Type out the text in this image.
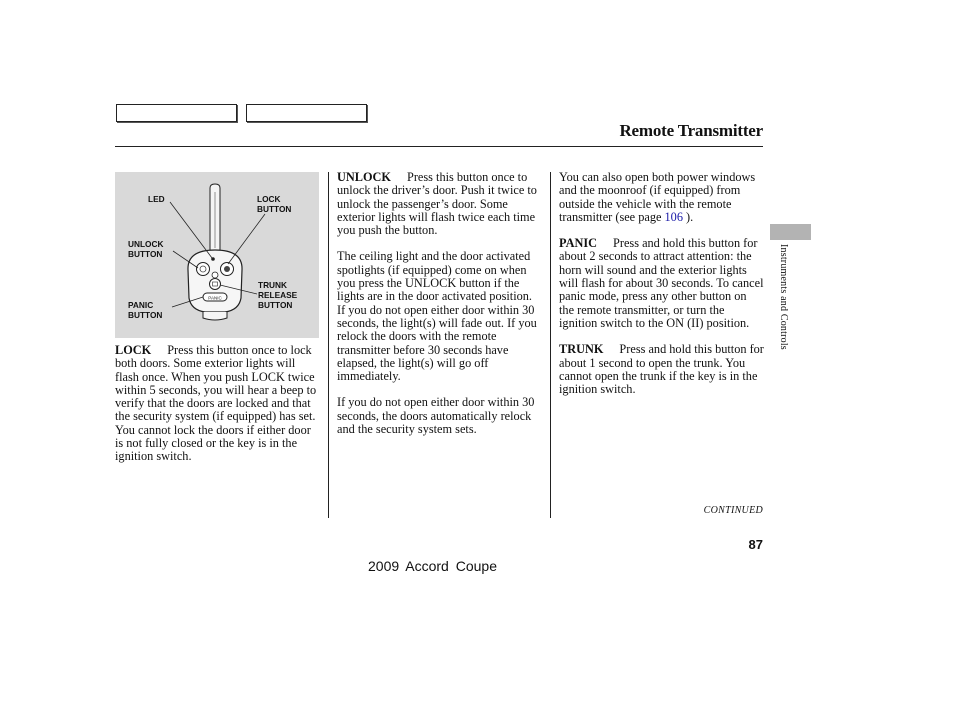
Remote Transmitter
Instruments and Controls
PANIC
LED	LOCK
BUTTON
UNLOCK
BUTTON
TRUNK
RELEASE
BUTTON
PANIC
BUTTON

LOCK Press this button once to lock both doors. Some exterior lights will flash once. When you push LOCK twice within 5 seconds, you will hear a beep to verify that the doors are locked and that the security system (if equipped) has set. You cannot lock the doors if either door is not fully closed or the key is in the ignition switch.

UNLOCK Press this button once to unlock the driver’s door. Push it twice to unlock the passenger’s door. Some exterior lights will flash twice each time you push the button.

The ceiling light and the door activated spotlights (if equipped) come on when you press the UNLOCK button if the lights are in the door activated position. If you do not open either door within 30 seconds, the light(s) will fade out. If you relock the doors with the remote transmitter before 30 seconds have elapsed, the light(s) will go off immediately.

If you do not open either door within 30 seconds, the doors automatically relock and the security system sets.

You can also open both power windows and the moonroof (if equipped) from outside the vehicle with the remote transmitter (see page 106 ).

PANIC Press and hold this button for about 2 seconds to attract attention: the horn will sound and the exterior lights will flash for about 30 seconds. To cancel panic mode, press any other button on the remote transmitter, or turn the ignition switch to the ON (II) position.

TRUNK Press and hold this button for about 1 second to open the trunk. You cannot open the trunk if the key is in the ignition switch.

CONTINUED
87
2009 Accord Coupe
